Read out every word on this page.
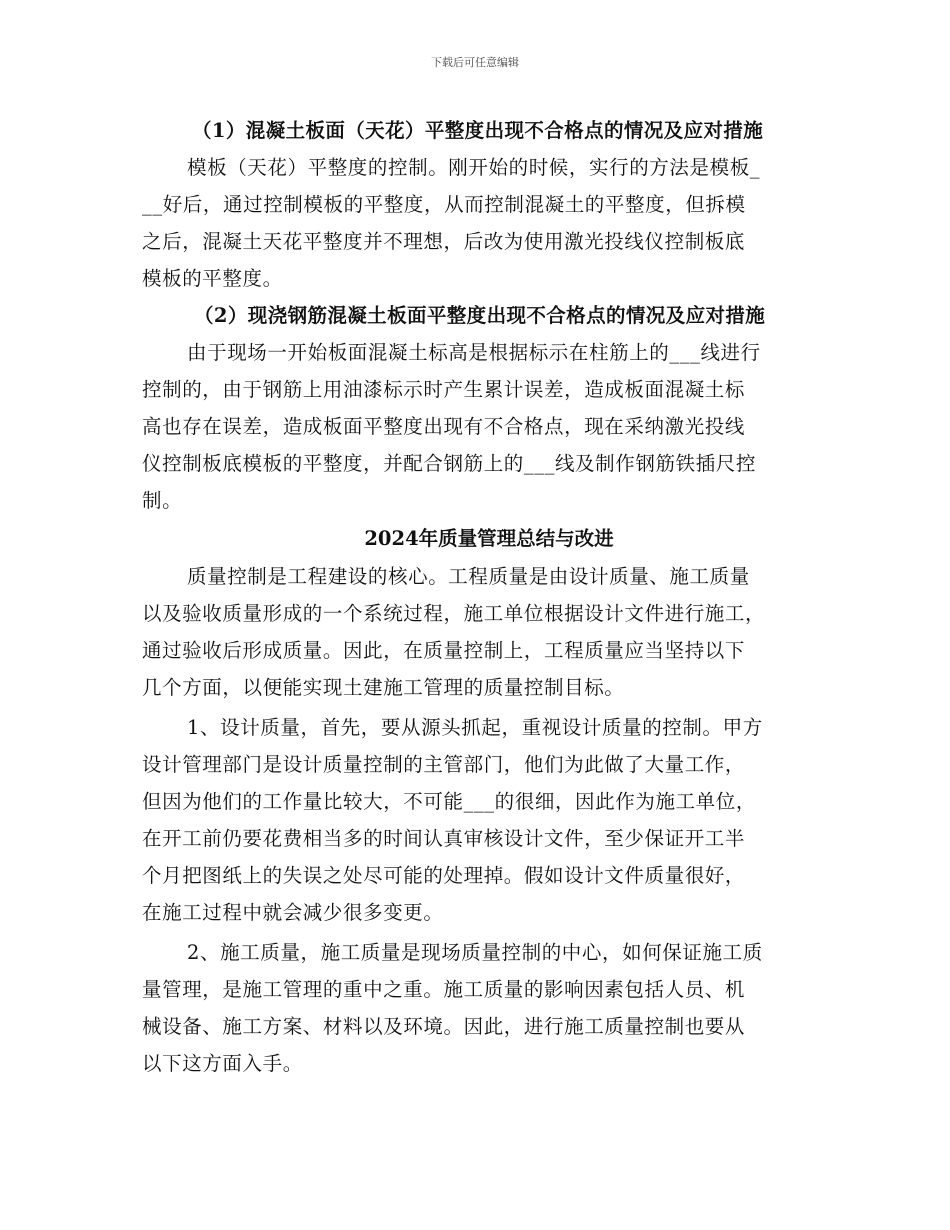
下载后可任意编辑
（1）混凝土板面（天花）平整度出现不合格点的情况及应对措施
模板（天花）平整度的控制。刚开始的时候，实行的方法是模板_
__好后，通过控制模板的平整度，从而控制混凝土的平整度，但拆模
之后，混凝土天花平整度并不理想，后改为使用激光投线仪控制板底
模板的平整度。
（2）现浇钢筋混凝土板面平整度出现不合格点的情况及应对措施
由于现场一开始板面混凝土标高是根据标示在柱筋上的___线进行
控制的，由于钢筋上用油漆标示时产生累计误差，造成板面混凝土标
高也存在误差，造成板面平整度出现有不合格点，现在采纳激光投线
仪控制板底模板的平整度，并配合钢筋上的___线及制作钢筋铁插尺控
制。
2024年质量管理总结与改进
质量控制是工程建设的核心。工程质量是由设计质量、施工质量
以及验收质量形成的一个系统过程，施工单位根据设计文件进行施工，
通过验收后形成质量。因此，在质量控制上，工程质量应当坚持以下
几个方面，以便能实现土建施工管理的质量控制目标。
1、设计质量，首先，要从源头抓起，重视设计质量的控制。甲方
设计管理部门是设计质量控制的主管部门，他们为此做了大量工作，
但因为他们的工作量比较大，不可能___的很细，因此作为施工单位，
在开工前仍要花费相当多的时间认真审核设计文件，至少保证开工半
个月把图纸上的失误之处尽可能的处理掉。假如设计文件质量很好，
在施工过程中就会减少很多变更。
2、施工质量，施工质量是现场质量控制的中心，如何保证施工质
量管理，是施工管理的重中之重。施工质量的影响因素包括人员、机
械设备、施工方案、材料以及环境。因此，进行施工质量控制也要从
以下这方面入手。
